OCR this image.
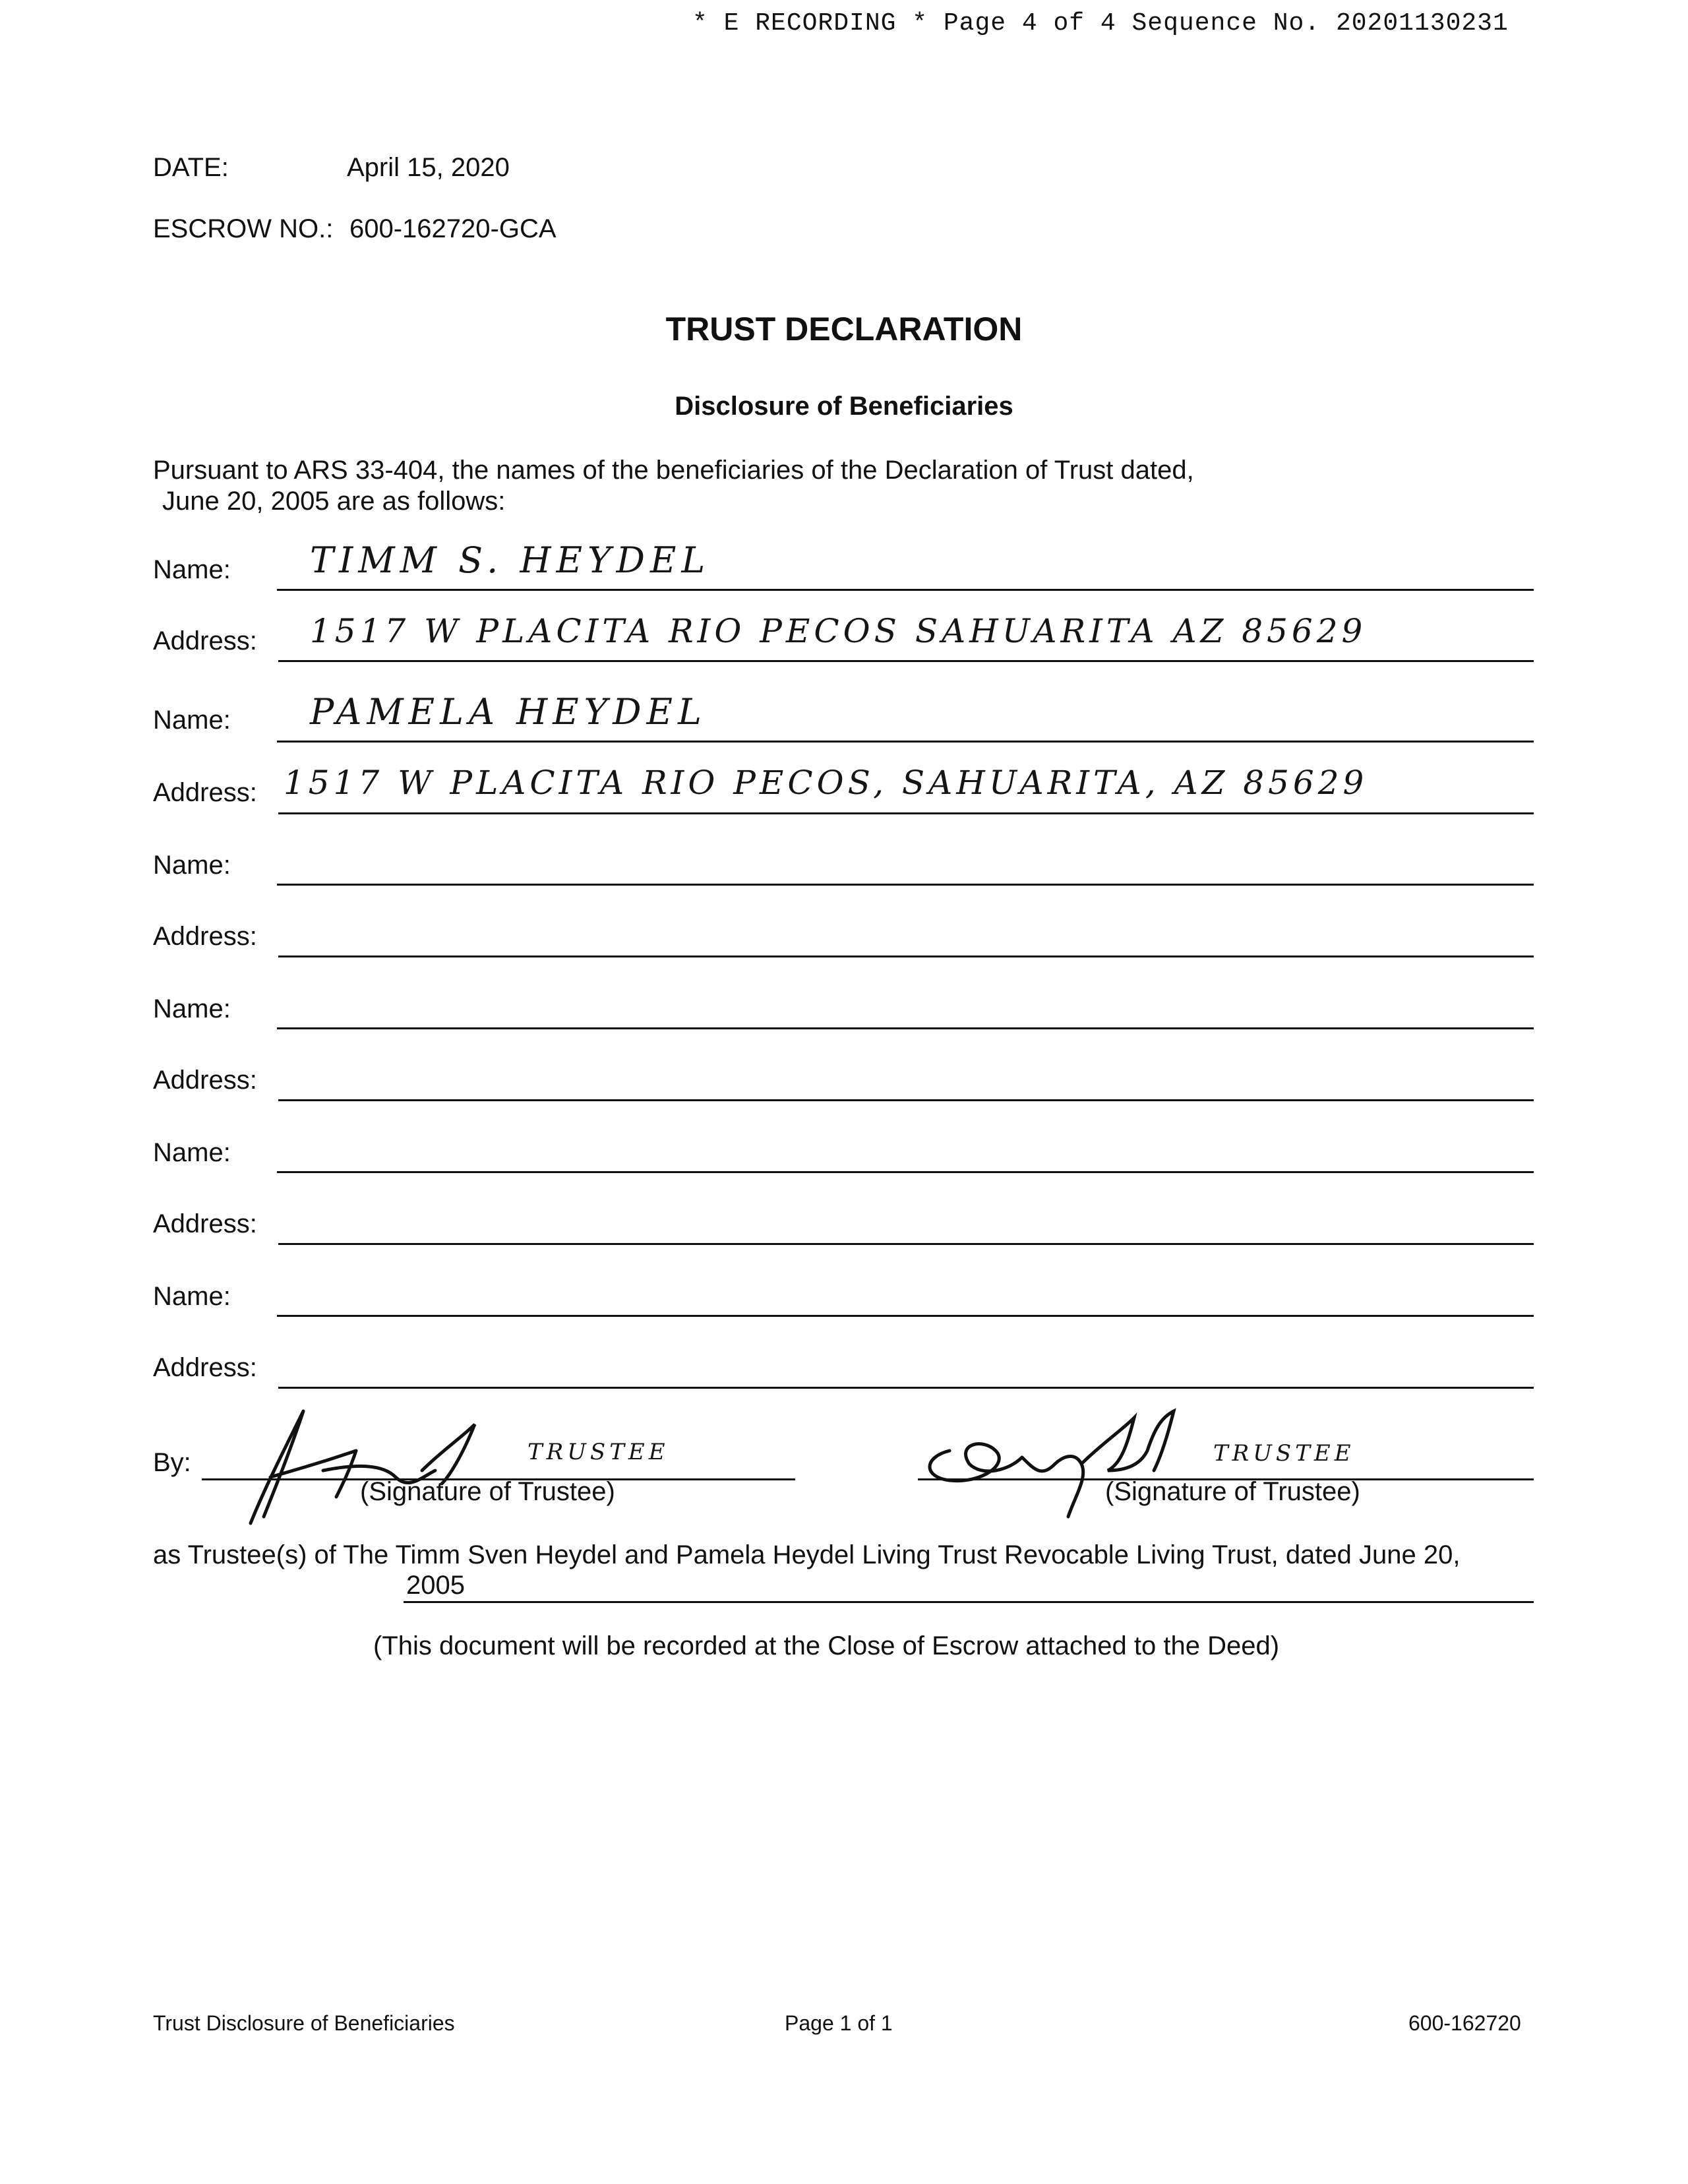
* E RECORDING * Page 4 of 4 Sequence No. 20201130231
DATE:	April 15, 2020
ESCROW NO.: 600-162720-GCA
TRUST DECLARATION
Disclosure of Beneficiaries
Pursuant to ARS 33-404, the names of the beneficiaries of the Declaration of Trust dated,
June 20, 2005 are as follows:
Name: TIMM S. HEYDEL
Address: 1517 W PLACITA RIO PECOS SAHUARITA AZ 85629
Name: PAMELA HEYDEL
Address: 1517 W PLACITA RIO PECOS, SAHUARITA, AZ 85629
Name:
Address:
Name:
Address:
Name:
Address:
Name:
Address:
By:	TRUSTEE
(Signature of Trustee)
TRUSTEE
(Signature of Trustee)
as Trustee(s) of The Timm Sven Heydel and Pamela Heydel Living Trust Revocable Living Trust, dated June 20,
2005
(This document will be recorded at the Close of Escrow attached to the Deed)
Trust Disclosure of Beneficiaries	Page 1 of 1	600-162720
